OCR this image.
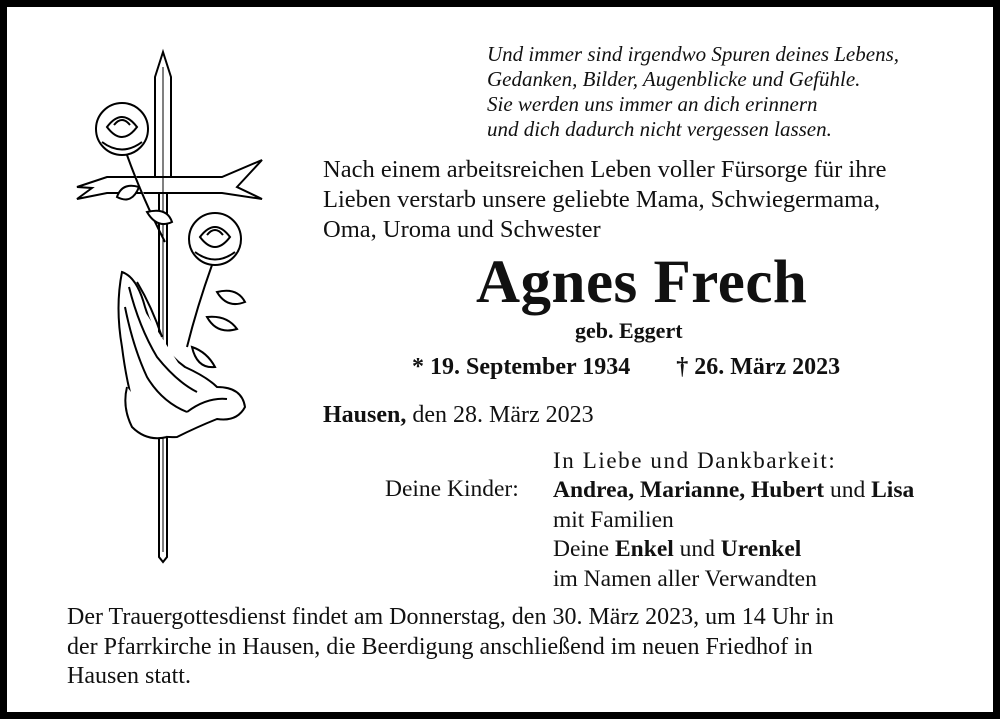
Und immer sind irgendwo Spuren deines Lebens,
Gedanken, Bilder, Augenblicke und Gefühle.
Sie werden uns immer an dich erinnern
und dich dadurch nicht vergessen lassen.
Nach einem arbeitsreichen Leben voller Fürsorge für ihre
Lieben verstarb unsere geliebte Mama, Schwiegermama,
Oma, Uroma und Schwester
Agnes Frech
geb. Eggert
* 19. September 1934 † 26. März 2023
Hausen, den 28. März 2023
In Liebe und Dankbarkeit:
Deine Kinder: Andrea, Marianne, Hubert und Lisa
mit Familien
Deine Enkel und Urenkel
im Namen aller Verwandten
Der Trauergottesdienst findet am Donnerstag, den 30. März 2023, um 14 Uhr in
der Pfarrkirche in Hausen, die Beerdigung anschließend im neuen Friedhof in
Hausen statt.
